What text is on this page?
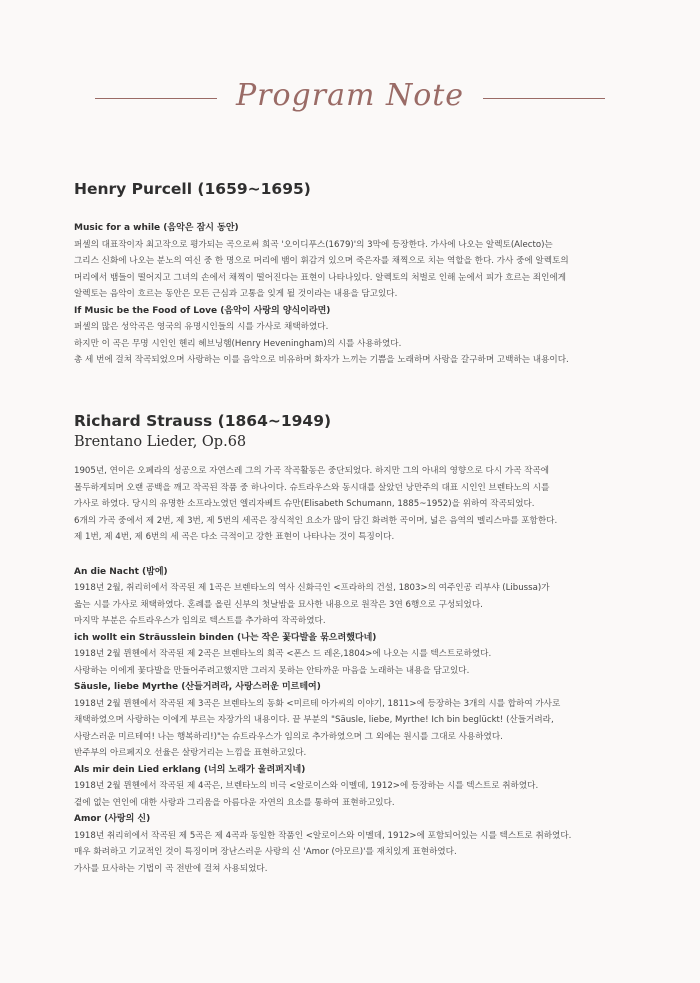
Program Note
Henry Purcell (1659~1695)
Music for a while (음악은 잠시 동안)
퍼셀의 대표작이자 최고작으로 평가되는 곡으로써 희곡 '오이디푸스(1679)'의 3막에 등장한다. 가사에 나오는 알렉토(Alecto)는
그리스 신화에 나오는 분노의 여신 중 한 명으로 머리에 뱀이 휘감겨 있으며 죽은자를 채찍으로 치는 역할을 한다. 가사 중에 알렉토의
머리에서 뱀들이 떨어지고 그녀의 손에서 채찍이 떨어진다는 표현이 나타나있다. 알렉토의 처벌로 인해 눈에서 피가 흐르는 죄인에게
알렉토는 음악이 흐르는 동안은 모든 근심과 고통을 잊게 될 것이라는 내용을 담고있다.
If Music be the Food of Love (음악이 사랑의 양식이라면)
퍼셀의 많은 성악곡은 영국의 유명시인들의 시를 가사로 채택하였다.
하지만 이 곡은 무명 시인인 헨리 헤브닝햄(Henry Heveningham)의 시를 사용하였다.
총 세 번에 걸쳐 작곡되었으며 사랑하는 이를 음악으로 비유하며 화자가 느끼는 기쁨을 노래하며 사랑을 갈구하며 고백하는 내용이다.
Richard Strauss (1864~1949)
Brentano Lieder, Op.68
1905년, 연이은 오페라의 성공으로 자연스레 그의 가곡 작곡활동은 중단되었다. 하지만 그의 아내의 영향으로 다시 가곡 작곡에
몰두하게되며 오랜 공백을 깨고 작곡된 작품 중 하나이다. 슈트라우스와 동시대를 살았던 낭만주의 대표 시인인 브렌타노의 시를
가사로 하였다. 당시의 유명한 소프라노였던 엘리자베트 슈만(Elisabeth Schumann, 1885~1952)을 위하여 작곡되었다.
6개의 가곡 중에서 제 2번, 제 3번, 제 5번의 세곡은 장식적인 요소가 많이 담긴 화려한 곡이며, 넓은 음역의 멜리스마를 포함한다.
제 1번, 제 4번, 제 6번의 세 곡은 다소 극적이고 강한 표현이 나타나는 것이 특징이다.
An die Nacht (밤에)
1918년 2월, 취리히에서 작곡된 제 1곡은 브렌타노의 역사 신화극인 <프라하의 건설, 1803>의 여주인공 리부샤 (Libussa)가
읊는 시를 가사로 채택하였다. 혼례를 올린 신부의 첫날밤을 묘사한 내용으로 원작은 3연 6행으로 구성되었다.
마지막 부분은 슈트라우스가 임의로 텍스트를 추가하여 작곡하였다.
ich wollt ein Sträusslein binden (나는 작은 꽃다발을 묶으려했다네)
1918년 2월 뮌헨에서 작곡된 제 2곡은 브렌타노의 희곡 <폰스 드 레온,1804>에 나오는 시를 텍스트로하였다.
사랑하는 이에게 꽃다발을 만들어주려고했지만 그러지 못하는 안타까운 마음을 노래하는 내용을 담고있다.
Säusle, liebe Myrthe (산들거려라, 사랑스러운 미르테여)
1918년 2월 뮌헨에서 작곡된 제 3곡은 브렌타노의 동화 <미르테 아가씨의 이야기, 1811>에 등장하는 3개의 시를 합하여 가사로
채택하였으며 사랑하는 이에게 부르는 자장가의 내용이다. 끝 부분의 "Säusle, liebe, Myrthe! Ich bin beglückt! (산들거려라,
사랑스러운 미르테여! 나는 행복하리!)"는 슈트라우스가 임의로 추가하였으며 그 외에는 원시를 그대로 사용하였다.
반주부의 아르페지오 선율은 살랑거리는 느낌을 표현하고있다.
Als mir dein Lied erklang (너의 노래가 울려퍼지네)
1918년 2월 뮌헨에서 작곡된 제 4곡은, 브렌타노의 비극 <알로이스와 이멜데, 1912>에 등장하는 시를 텍스트로 취하였다.
곁에 없는 연인에 대한 사랑과 그리움을 아름다운 자연의 요소를 통하여 표현하고있다.
Amor (사랑의 신)
1918년 취리히에서 작곡된 제 5곡은 제 4곡과 동일한 작품인 <알로이스와 이멜데, 1912>에 포함되어있는 시를 텍스트로 취하였다.
매우 화려하고 기교적인 것이 특징이며 장난스러운 사랑의 신 'Amor (아모르)'를 재치있게 표현하였다.
가사를 묘사하는 기법이 곡 전반에 걸쳐 사용되었다.
